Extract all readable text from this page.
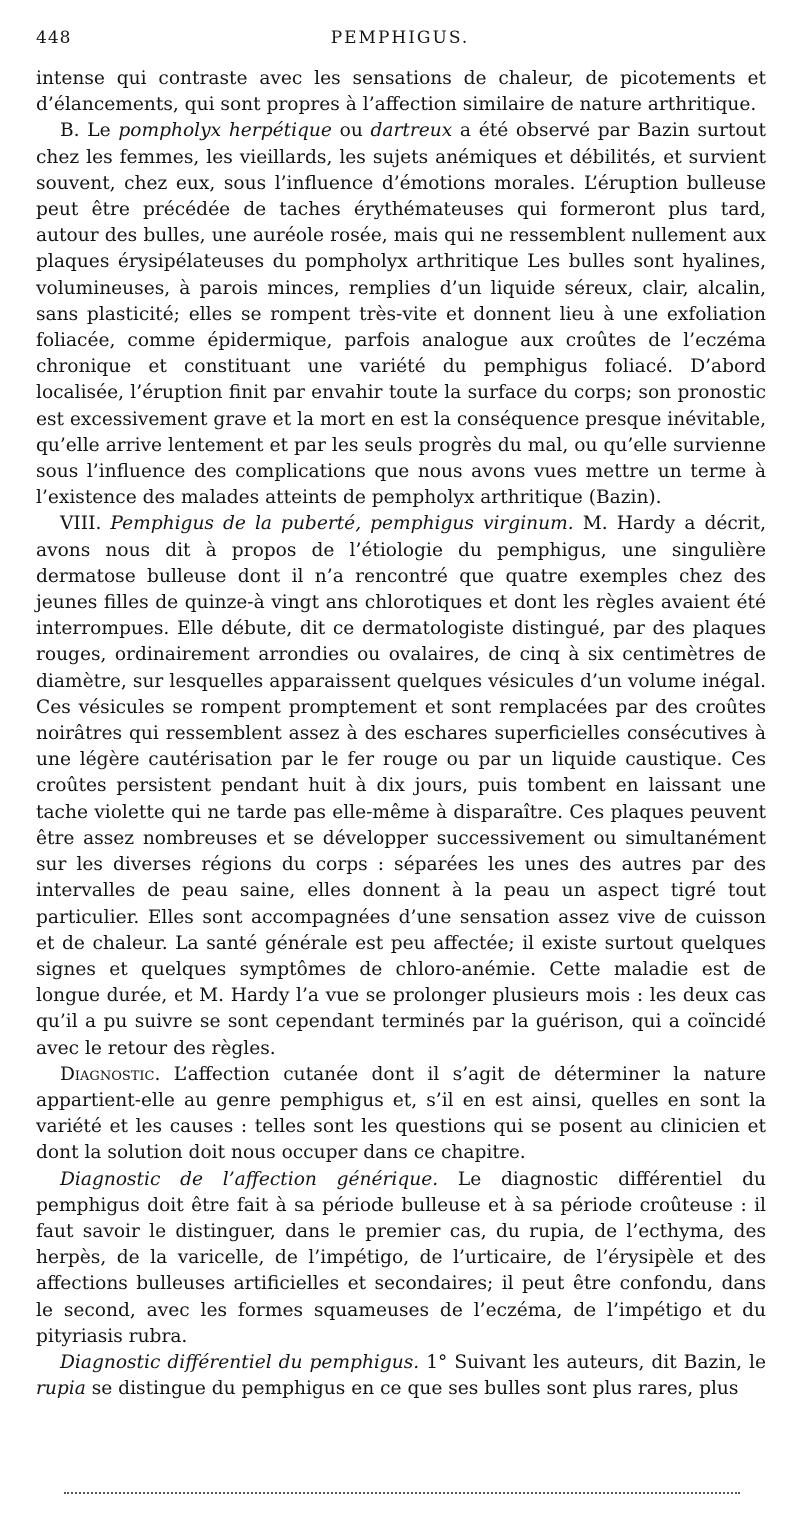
448	PEMPHIGUS.

intense qui contraste avec les sensations de chaleur, de picotements et d’élancements, qui sont propres à l’affection similaire de nature arthritique.

B. Le pompholyx herpétique ou dartreux a été observé par Bazin surtout chez les femmes, les vieillards, les sujets anémiques et débilités, et survient souvent, chez eux, sous l’influence d’émotions morales. L’éruption bulleuse peut être précédée de taches érythémateuses qui formeront plus tard, autour des bulles, une auréole rosée, mais qui ne ressemblent nullement aux plaques érysipélateuses du pompholyx arthritique Les bulles sont hyalines, volumineuses, à parois minces, remplies d’un liquide séreux, clair, alcalin, sans plasticité; elles se rompent très-vite et donnent lieu à une exfoliation foliacée, comme épidermique, parfois analogue aux croûtes de l’eczéma chronique et constituant une variété du pemphigus foliacé. D’abord localisée, l’éruption finit par envahir toute la surface du corps; son pronostic est excessivement grave et la mort en est la conséquence presque inévitable, qu’elle arrive lentement et par les seuls progrès du mal, ou qu’elle survienne sous l’influence des complications que nous avons vues mettre un terme à l’existence des malades atteints de pempholyx arthritique (Bazin).

VIII. Pemphigus de la puberté, pemphigus virginum. M. Hardy a décrit, avons nous dit à propos de l’étiologie du pemphigus, une singulière dermatose bulleuse dont il n’a rencontré que quatre exemples chez des jeunes filles de quinze-à vingt ans chlorotiques et dont les règles avaient été interrompues. Elle débute, dit ce dermatologiste distingué, par des plaques rouges, ordinairement arrondies ou ovalaires, de cinq à six centimètres de diamètre, sur lesquelles apparaissent quelques vésicules d’un volume inégal. Ces vésicules se rompent promptement et sont remplacées par des croûtes noirâtres qui ressemblent assez à des eschares superficielles consécutives à une légère cautérisation par le fer rouge ou par un liquide caustique. Ces croûtes persistent pendant huit à dix jours, puis tombent en laissant une tache violette qui ne tarde pas elle-même à disparaître. Ces plaques peuvent être assez nombreuses et se développer successivement ou simultanément sur les diverses régions du corps : séparées les unes des autres par des intervalles de peau saine, elles donnent à la peau un aspect tigré tout particulier. Elles sont accompagnées d’une sensation assez vive de cuisson et de chaleur. La santé générale est peu affectée; il existe surtout quelques signes et quelques symptômes de chloro-anémie. Cette maladie est de longue durée, et M. Hardy l’a vue se prolonger plusieurs mois : les deux cas qu’il a pu suivre se sont cependant terminés par la guérison, qui a coïncidé avec le retour des règles.

Diagnostic. L’affection cutanée dont il s’agit de déterminer la nature appartient-elle au genre pemphigus et, s’il en est ainsi, quelles en sont la variété et les causes : telles sont les questions qui se posent au clinicien et dont la solution doit nous occuper dans ce chapitre.

Diagnostic de l’affection générique. Le diagnostic différentiel du pemphigus doit être fait à sa période bulleuse et à sa période croûteuse : il faut savoir le distinguer, dans le premier cas, du rupia, de l’ecthyma, des herpès, de la varicelle, de l’impétigo, de l’urticaire, de l’érysipèle et des affections bulleuses artificielles et secondaires; il peut être confondu, dans le second, avec les formes squameuses de l’eczéma, de l’impétigo et du pityriasis rubra.

Diagnostic différentiel du pemphigus. 1° Suivant les auteurs, dit Bazin, le rupia se distingue du pemphigus en ce que ses bulles sont plus rares, plus
